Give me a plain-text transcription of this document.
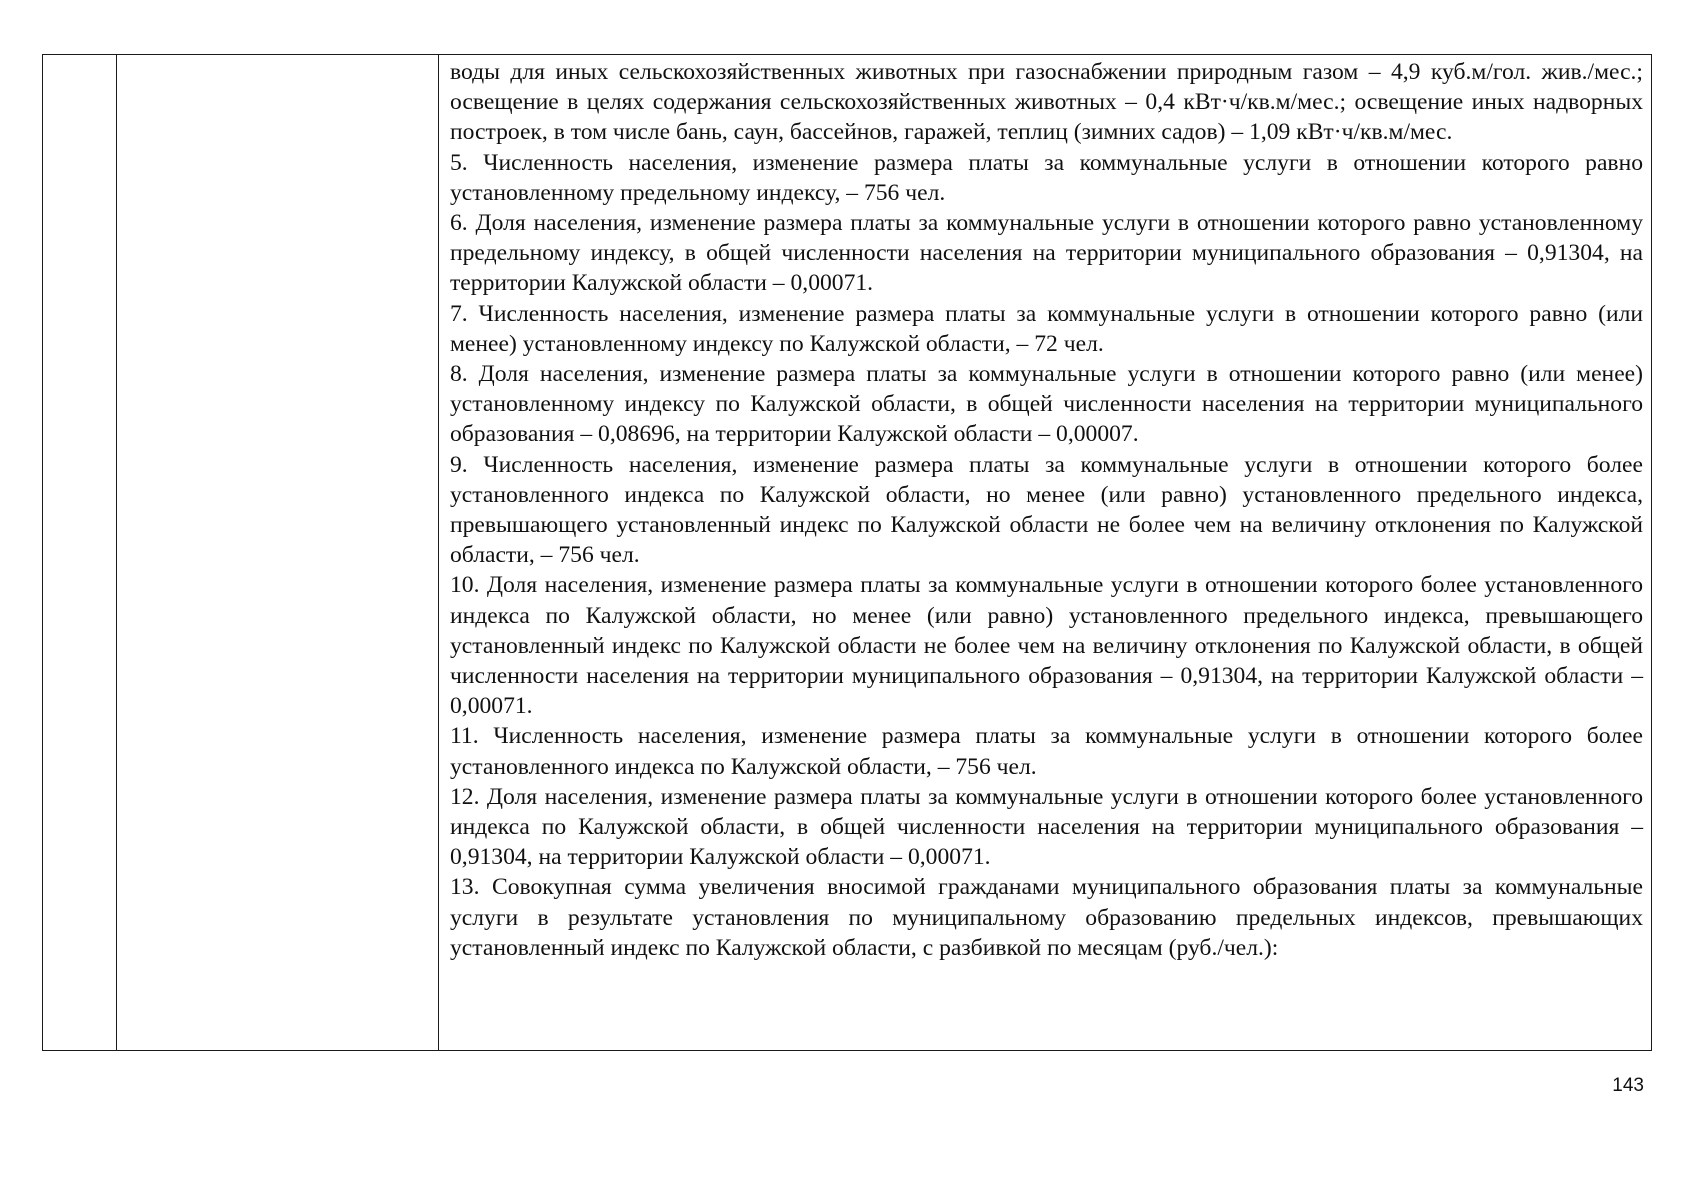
воды для иных сельскохозяйственных животных при газоснабжении природным газом – 4,9 куб.м/гол. жив./мес.; освещение в целях содержания сельскохозяйственных животных – 0,4 кВт·ч/кв.м/мес.; освещение иных надворных построек, в том числе бань, саун, бассейнов, гаражей, теплиц (зимних садов) – 1,09 кВт·ч/кв.м/мес.

5. Численность населения, изменение размера платы за коммунальные услуги в отношении которого равно установленному предельному индексу, – 756 чел.

6. Доля населения, изменение размера платы за коммунальные услуги в отношении которого равно установленному предельному индексу, в общей численности населения на территории муниципального образования – 0,91304, на территории Калужской области – 0,00071.

7. Численность населения, изменение размера платы за коммунальные услуги в отношении которого равно (или менее) установленному индексу по Калужской области, – 72 чел.

8. Доля населения, изменение размера платы за коммунальные услуги в отношении которого равно (или менее) установленному индексу по Калужской области, в общей численности населения на территории муниципального образования – 0,08696, на территории Калужской области – 0,00007.

9. Численность населения, изменение размера платы за коммунальные услуги в отношении которого более установленного индекса по Калужской области, но менее (или равно) установленного предельного индекса, превышающего установленный индекс по Калужской области не более чем на величину отклонения по Калужской области, – 756 чел.

10. Доля населения, изменение размера платы за коммунальные услуги в отношении которого более установленного индекса по Калужской области, но менее (или равно) установленного предельного индекса, превышающего установленный индекс по Калужской области не более чем на величину отклонения по Калужской области, в общей численности населения на территории муниципального образования – 0,91304, на территории Калужской области – 0,00071.

11. Численность населения, изменение размера платы за коммунальные услуги в отношении которого более установленного индекса по Калужской области, – 756 чел.

12. Доля населения, изменение размера платы за коммунальные услуги в отношении которого более установленного индекса по Калужской области, в общей численности населения на территории муниципального образования – 0,91304, на территории Калужской области – 0,00071.

13. Совокупная сумма увеличения вносимой гражданами муниципального образования платы за коммунальные услуги в результате установления по муниципальному образованию предельных индексов, превышающих установленный индекс по Калужской области, с разбивкой по месяцам (руб./чел.):

143
